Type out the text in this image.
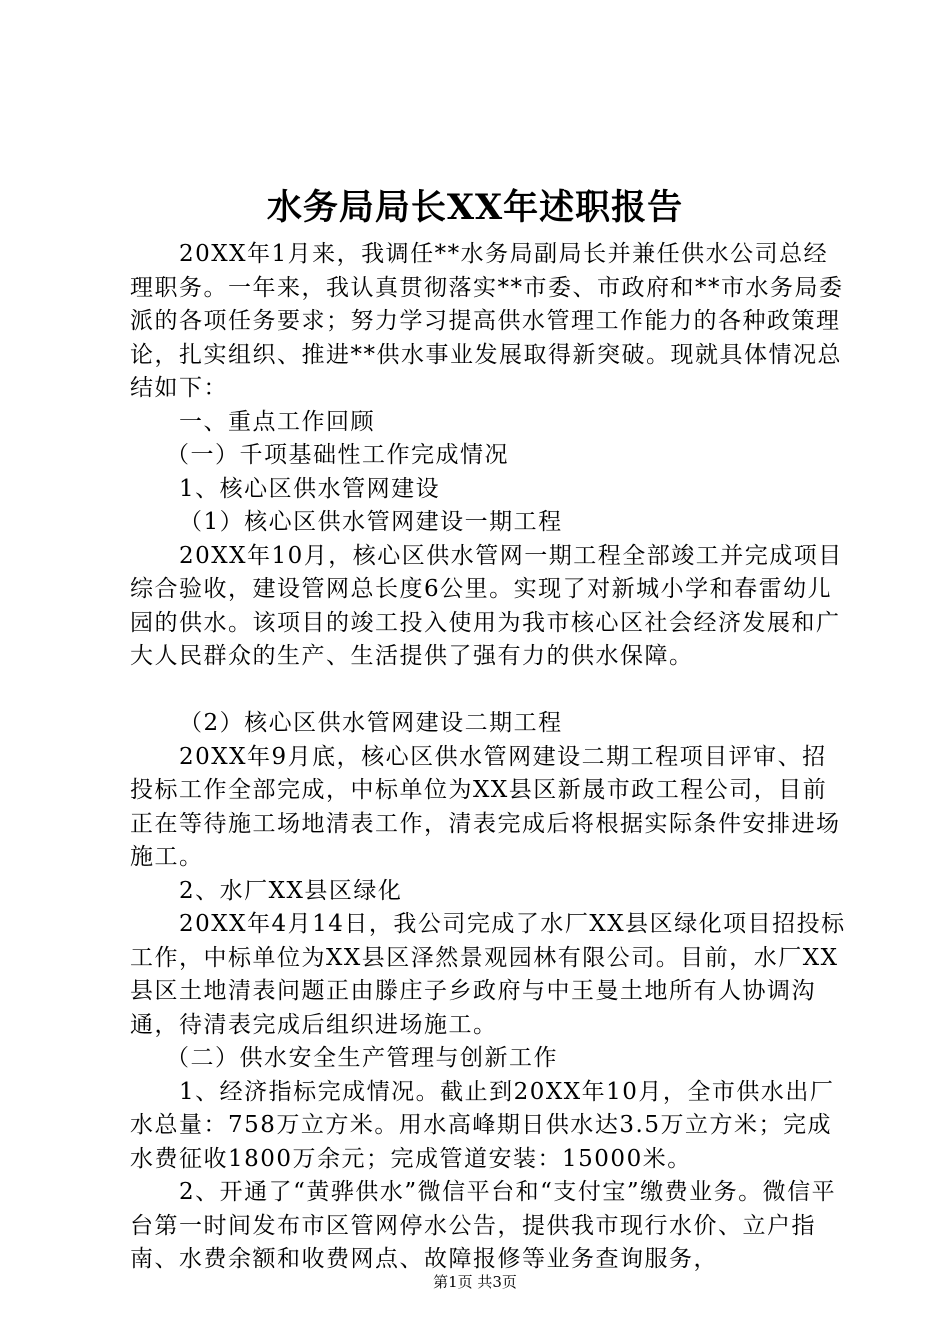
水务局局长XX年述职报告

20XX年1月来，我调任**水务局副局长并兼任供水公司总经理职务。一年来，我认真贯彻落实**市委、市政府和**市水务局委派的各项任务要求；努力学习提高供水管理工作能力的各种政策理论，扎实组织、推进**供水事业发展取得新突破。现就具体情况总结如下：

一、重点工作回顾

（一）千项基础性工作完成情况

1、核心区供水管网建设

（1）核心区供水管网建设一期工程

20XX年10月，核心区供水管网一期工程全部竣工并完成项目综合验收，建设管网总长度6公里。实现了对新城小学和春雷幼儿园的供水。该项目的竣工投入使用为我市核心区社会经济发展和广大人民群众的生产、生活提供了强有力的供水保障。

（2）核心区供水管网建设二期工程

20XX年9月底，核心区供水管网建设二期工程项目评审、招投标工作全部完成，中标单位为XX县区新晟市政工程公司，目前正在等待施工场地清表工作，清表完成后将根据实际条件安排进场施工。

2、水厂XX县区绿化

20XX年4月14日，我公司完成了水厂XX县区绿化项目招投标工作，中标单位为XX县区泽然景观园林有限公司。目前，水厂XX县区土地清表问题正由滕庄子乡政府与中王曼土地所有人协调沟通，待清表完成后组织进场施工。

（二）供水安全生产管理与创新工作

1、经济指标完成情况。截止到20XX年10月，全市供水出厂水总量：758万立方米。用水高峰期日供水达3.5万立方米；完成水费征收1800万余元；完成管道安装：15000米。

2、开通了“黄骅供水”微信平台和“支付宝”缴费业务。微信平台第一时间发布市区管网停水公告，提供我市现行水价、立户指南、水费余额和收费网点、故障报修等业务查询服务，

第1页 共3页
